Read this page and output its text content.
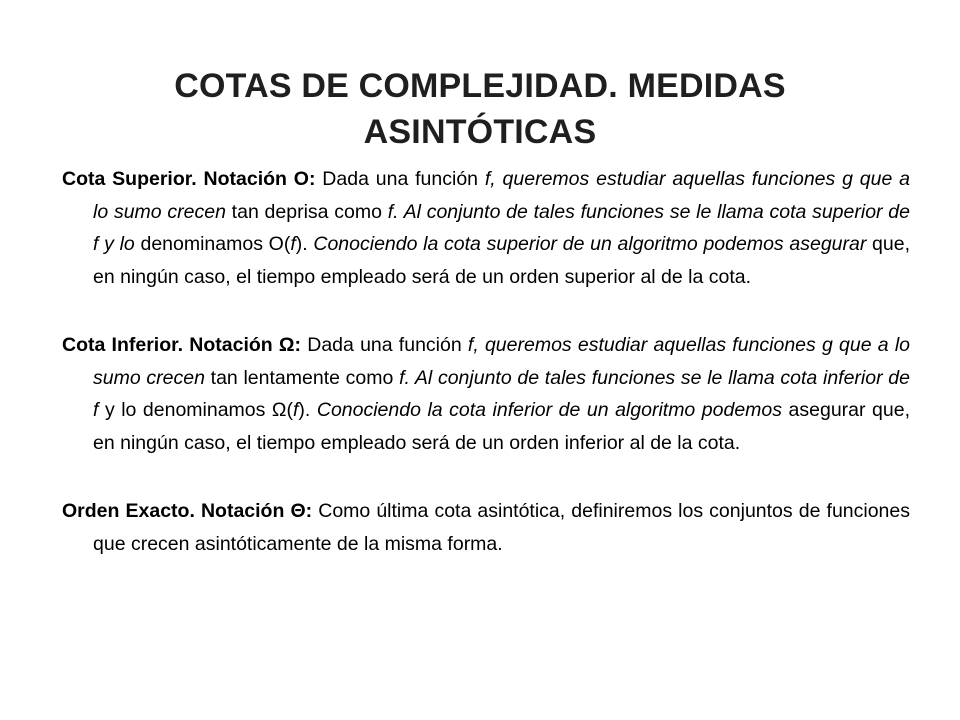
COTAS DE COMPLEJIDAD. MEDIDAS
ASINTÓTICAS

Cota Superior. Notación O: Dada una función f, queremos estudiar aquellas funciones g que a lo sumo crecen tan deprisa como f. Al conjunto de tales funciones se le llama cota superior de f y lo denominamos O(f). Conociendo la cota superior de un algoritmo podemos asegurar que, en ningún caso, el tiempo empleado será de un orden superior al de la cota.

Cota Inferior. Notación Ω: Dada una función f, queremos estudiar aquellas funciones g que a lo sumo crecen tan lentamente como f. Al conjunto de tales funciones se le llama cota inferior de f y lo denominamos Ω(f). Conociendo la cota inferior de un algoritmo podemos asegurar que, en ningún caso, el tiempo empleado será de un orden inferior al de la cota.

Orden Exacto. Notación Θ: Como última cota asintótica, definiremos los conjuntos de funciones que crecen asintóticamente de la misma forma.
